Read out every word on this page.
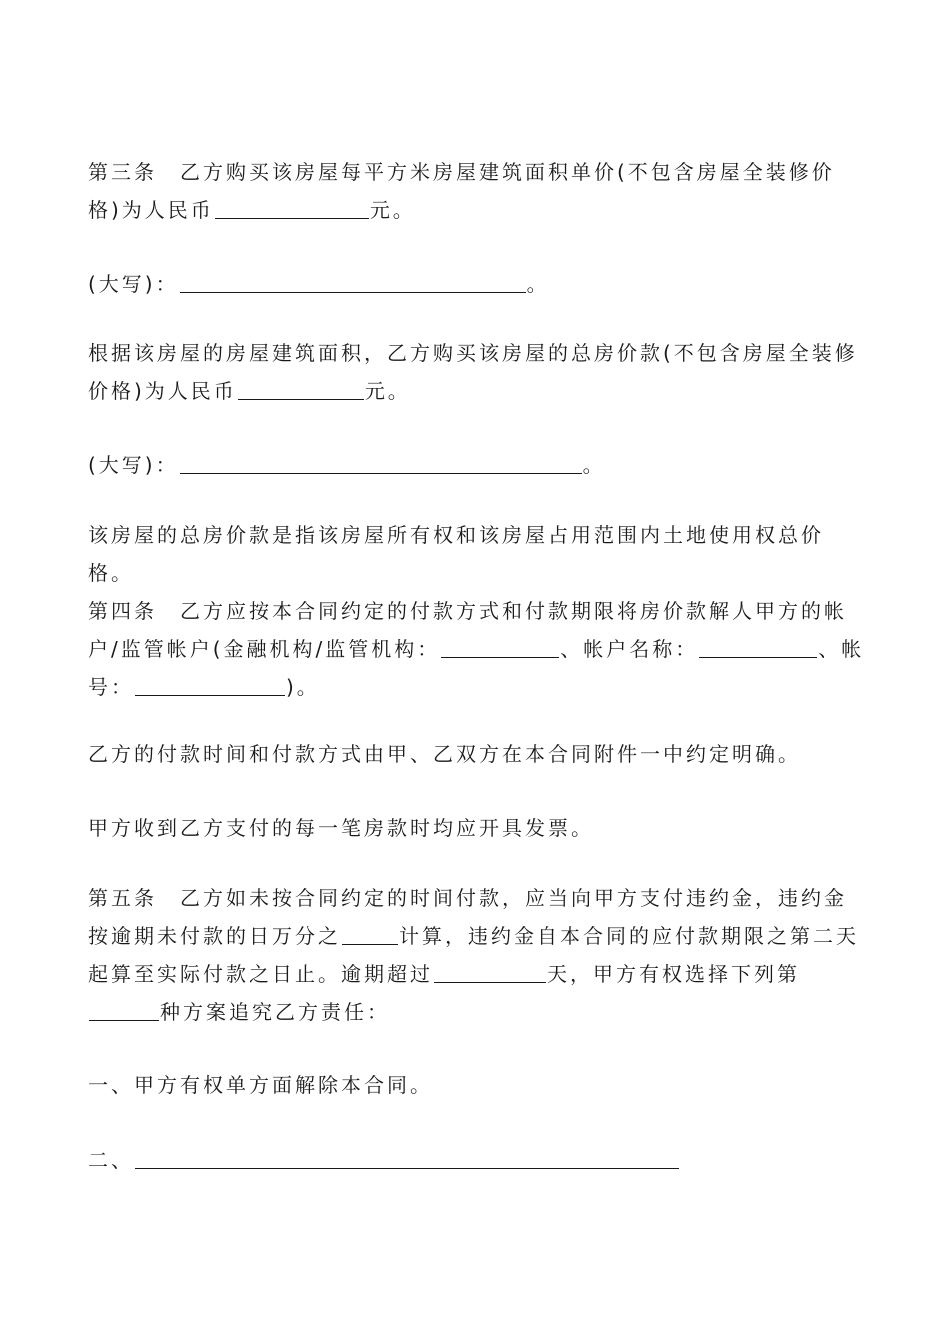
第三条　乙方购买该房屋每平方米房屋建筑面积单价(不包含房屋全装修价格)为人民币	元。
(大写)：	。
根据该房屋的房屋建筑面积，乙方购买该房屋的总房价款(不包含房屋全装修价格)为人民币	元。
(大写)：	。
该房屋的总房价款是指该房屋所有权和该房屋占用范围内土地使用权总价格。
第四条　乙方应按本合同约定的付款方式和付款期限将房价款解人甲方的帐户/监管帐户(金融机构/监管机构：	、帐户名称：	、帐号：	)。
乙方的付款时间和付款方式由甲、乙双方在本合同附件一中约定明确。
甲方收到乙方支付的每一笔房款时均应开具发票。
第五条　乙方如未按合同约定的时间付款，应当向甲方支付违约金，违约金按逾期未付款的日万分之	计算，违约金自本合同的应付款期限之第二天起算至实际付款之日止。逾期超过	天，甲方有权选择下列第种方案追究乙方责任：
一、甲方有权单方面解除本合同。
二、
